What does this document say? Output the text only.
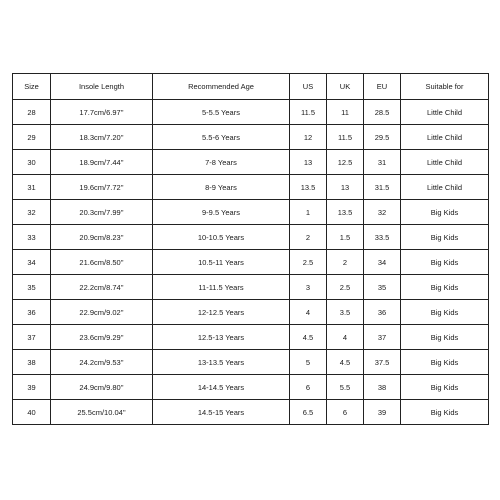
Size	Insole Length	Recommended Age	US	UK	EU	Suitable for
28	17.7cm/6.97''	5-5.5 Years	11.5	11	28.5	Little Child
29	18.3cm/7.20''	5.5-6 Years	12	11.5	29.5	Little Child
30	18.9cm/7.44''	7-8 Years	13	12.5	31	Little Child
31	19.6cm/7.72''	8-9 Years	13.5	13	31.5	Little Child
32	20.3cm/7.99''	9-9.5 Years	1	13.5	32	Big Kids
33	20.9cm/8.23''	10-10.5 Years	2	1.5	33.5	Big Kids
34	21.6cm/8.50''	10.5-11 Years	2.5	2	34	Big Kids
35	22.2cm/8.74''	11-11.5 Years	3	2.5	35	Big Kids
36	22.9cm/9.02''	12-12.5 Years	4	3.5	36	Big Kids
37	23.6cm/9.29''	12.5-13 Years	4.5	4	37	Big Kids
38	24.2cm/9.53''	13-13.5 Years	5	4.5	37.5	Big Kids
39	24.9cm/9.80''	14-14.5 Years	6	5.5	38	Big Kids
40	25.5cm/10.04''	14.5-15 Years	6.5	6	39	Big Kids
